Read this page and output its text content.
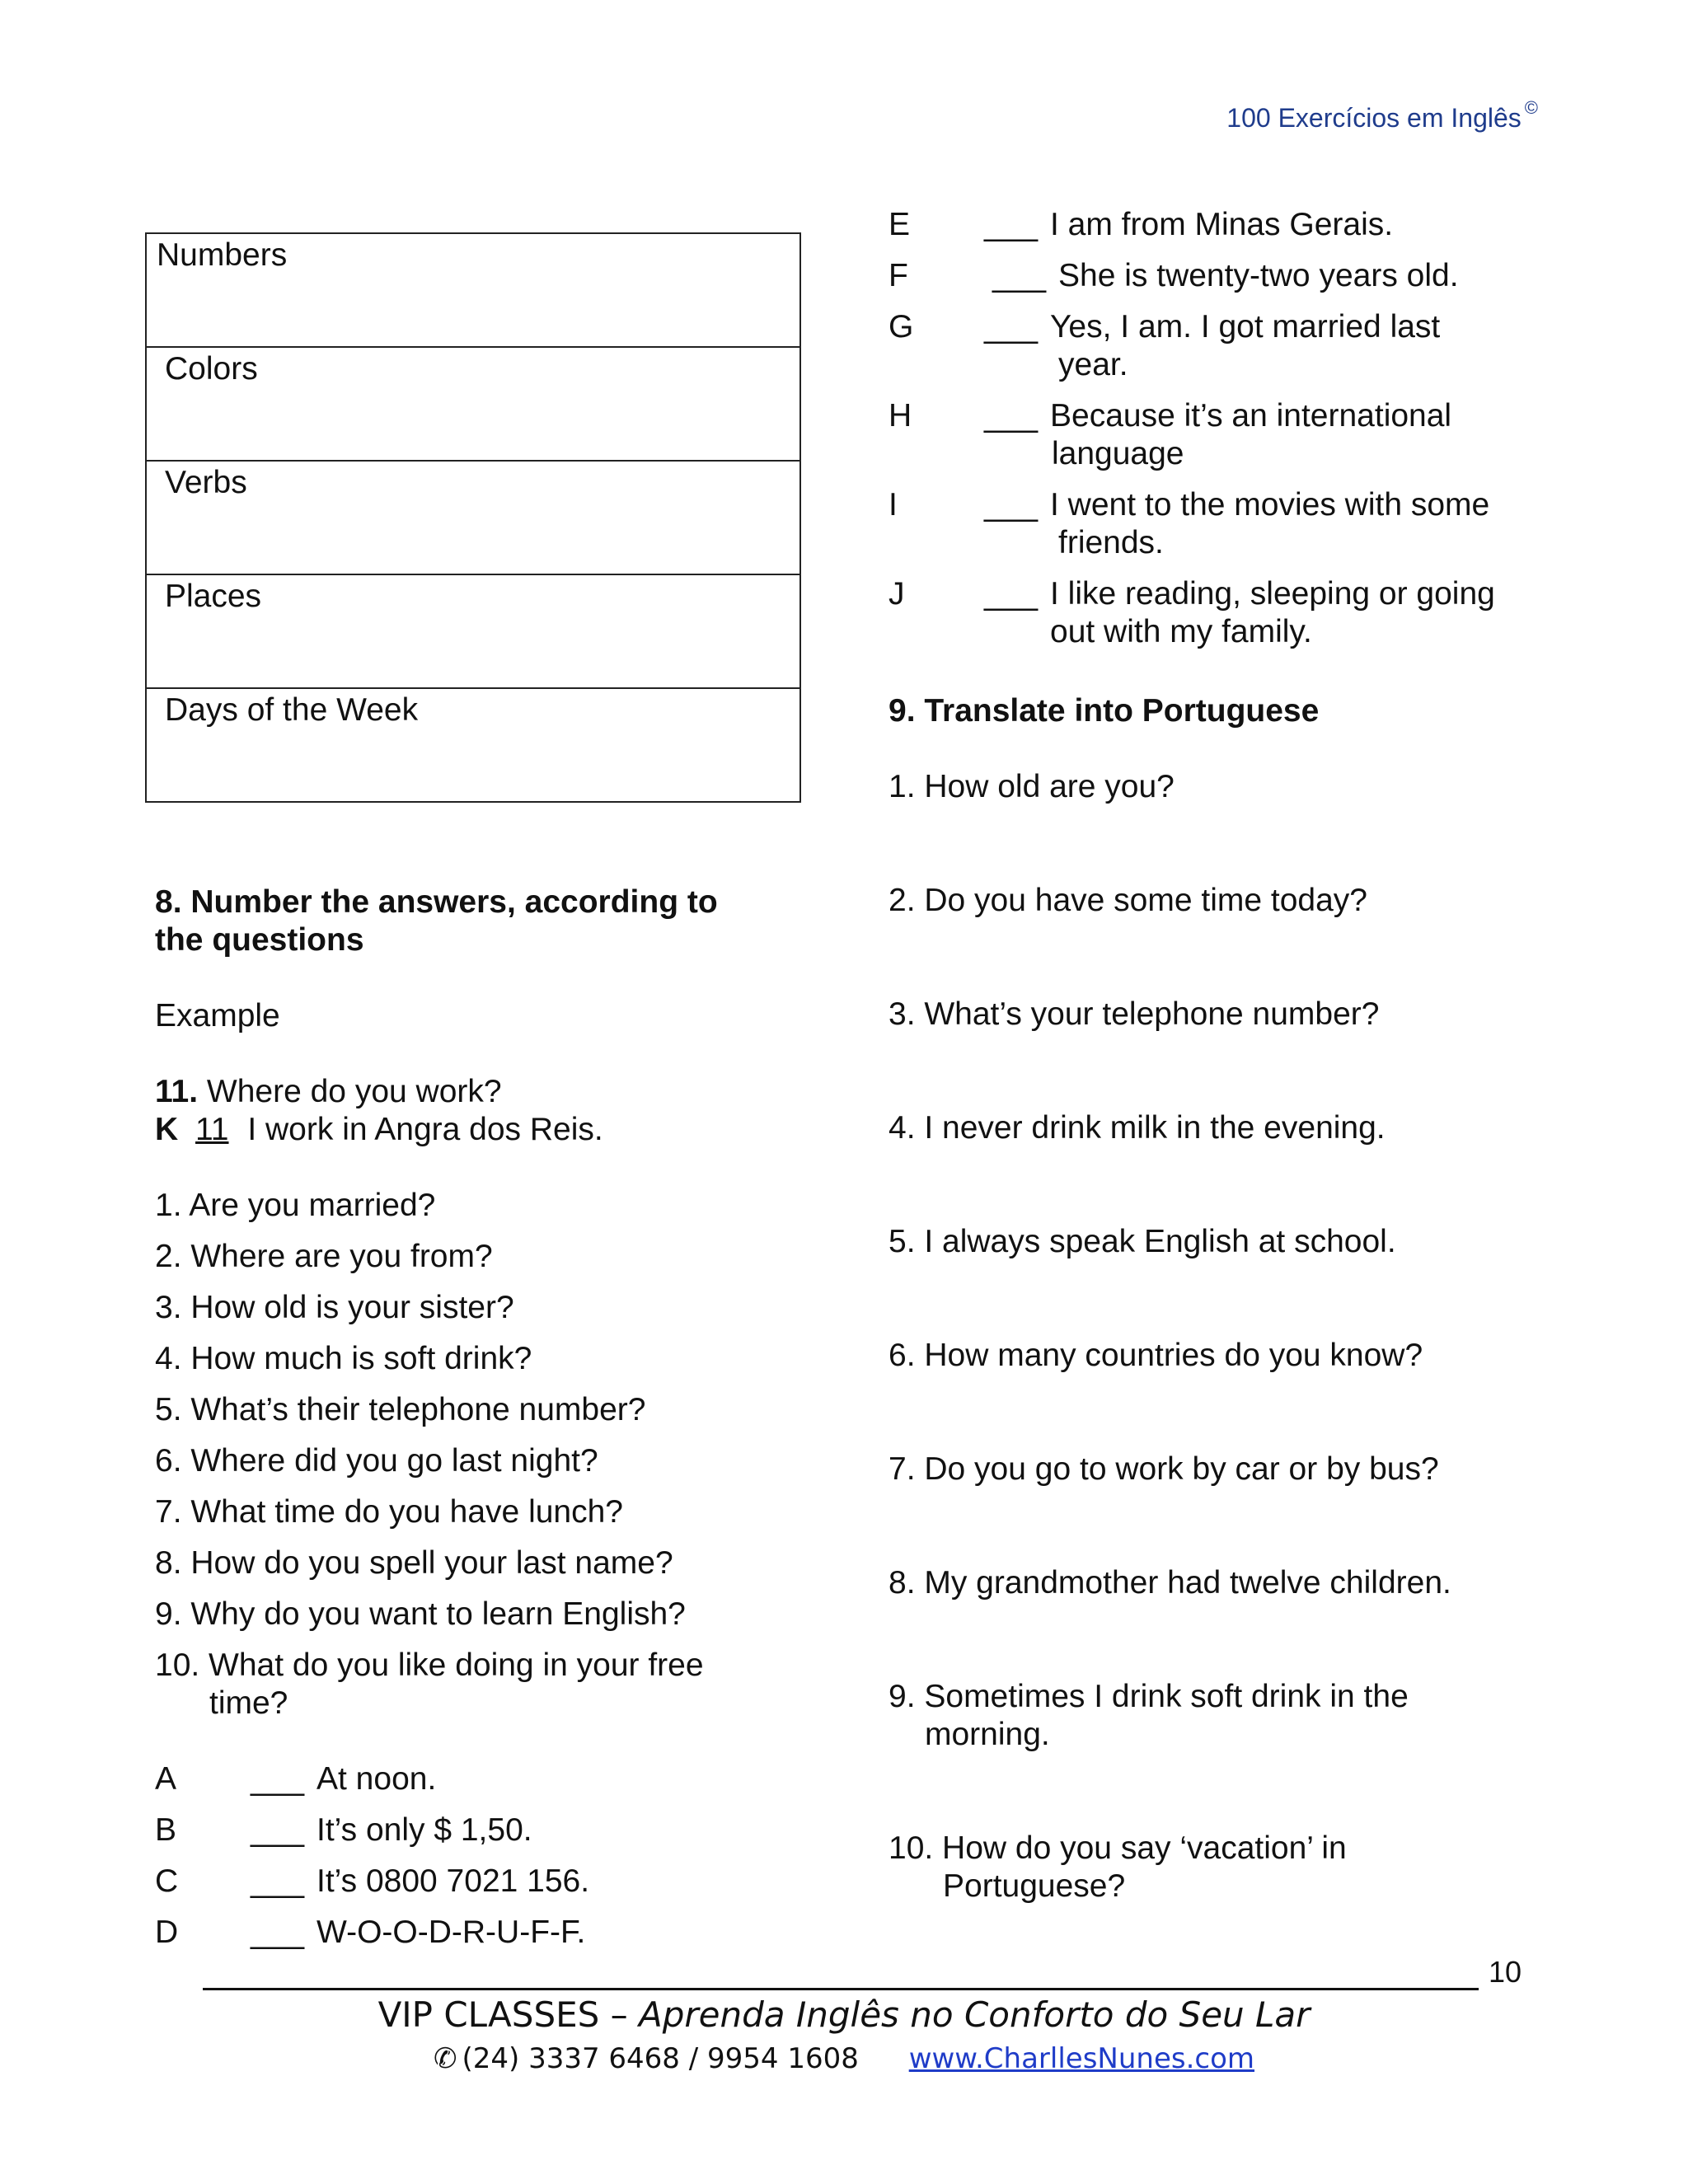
100 Exercícios em Inglês ©
Numbers
Colors
Verbs
Places
Days of the Week
8. Number the answers, according to
the questions
Example
11. Where do you work?
K 11 I work in Angra dos Reis.
1. Are you married?
2. Where are you from?
3. How old is your sister?
4. How much is soft drink?
5. What’s their telephone number?
6. Where did you go last night?
7. What time do you have lunch?
8. How do you spell your last name?
9. Why do you want to learn English?
10. What do you like doing in your free
time?
A ___ At noon.
B ___ It’s only $ 1,50.
C ___ It’s 0800 7021 156.
D ___ W-O-O-D-R-U-F-F.
E ___ I am from Minas Gerais.
F	___ She is twenty-two years old.
G ___ Yes, I am. I got married last
year.
H ___ Because it’s an international
language
I	___ I went to the movies with some
friends.
J ___ I like reading, sleeping or going
out with my family.
9. Translate into Portuguese
1. How old are you?
2. Do you have some time today?
3. What’s your telephone number?
4. I never drink milk in the evening.
5. I always speak English at school.
6. How many countries do you know?
7. Do you go to work by car or by bus?
8. My grandmother had twelve children.
9. Sometimes I drink soft drink in the
morning.
10. How do you say ‘vacation’ in
Portuguese?
10
VIP CLASSES – Aprenda Inglês no Conforto do Seu Lar
✆ (24) 3337 6468 / 9954 1608 www.CharllesNunes.com
